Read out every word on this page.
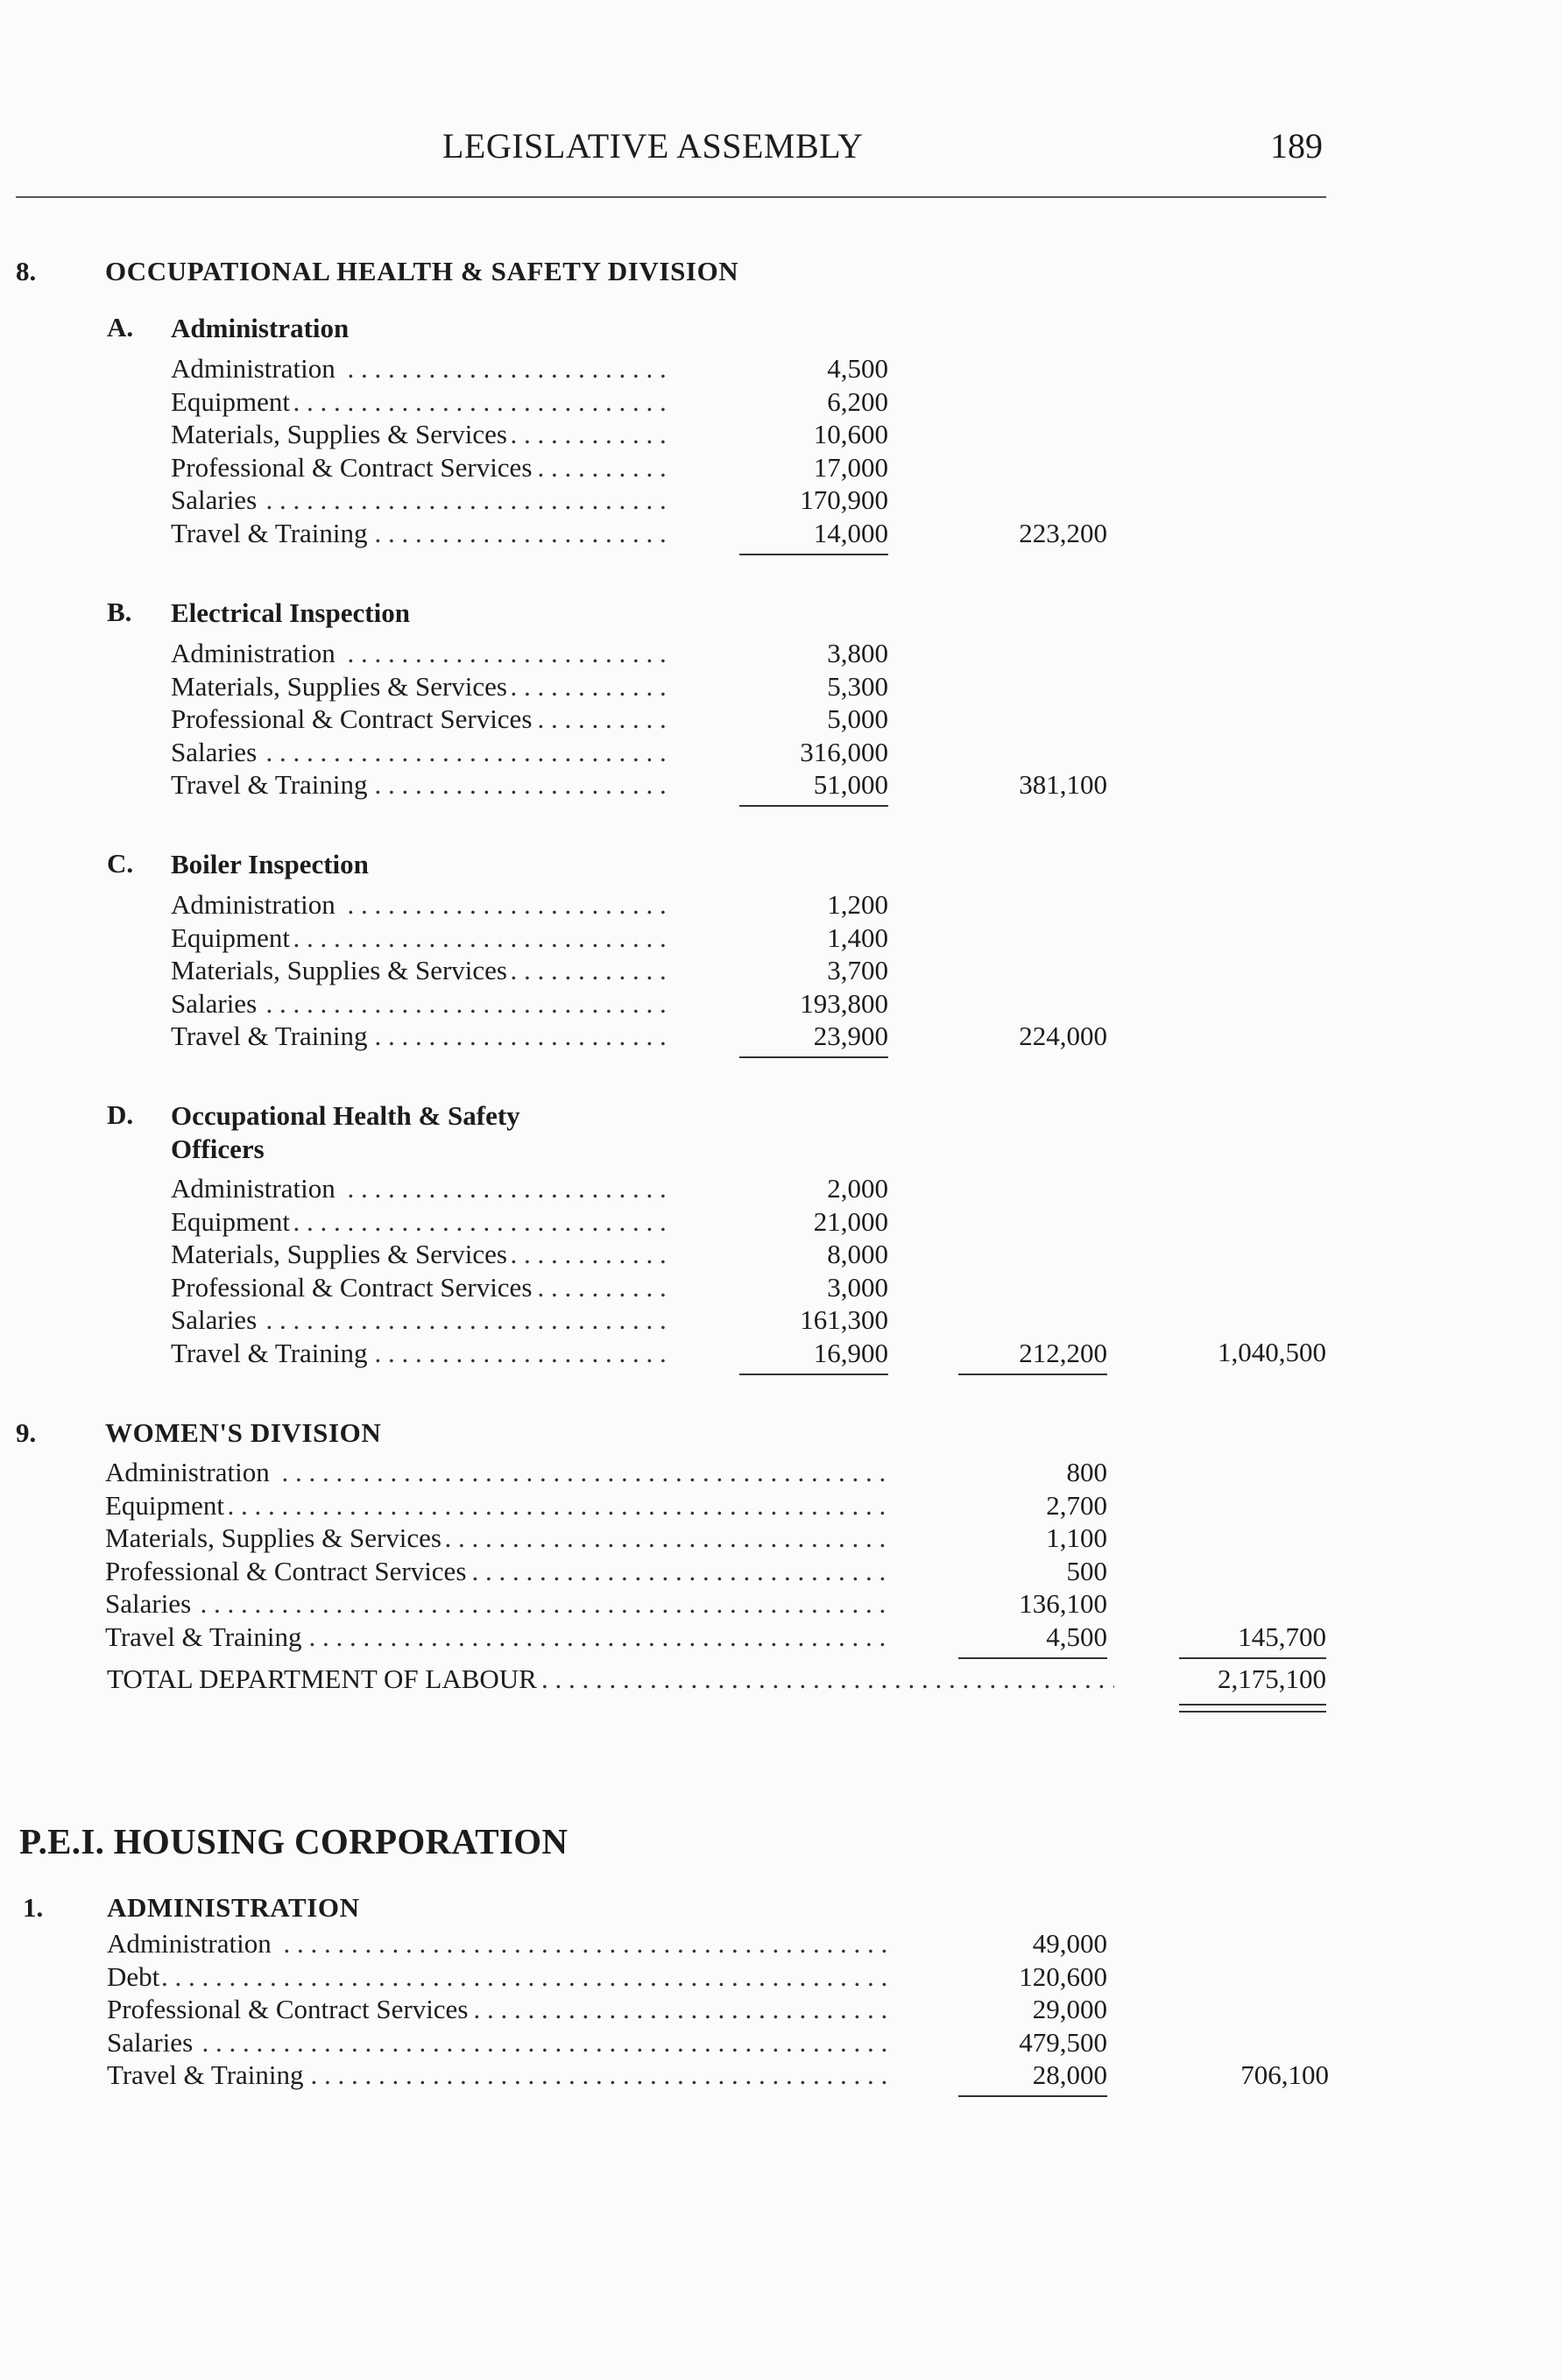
LEGISLATIVE ASSEMBLY	189
8.	OCCUPATIONAL HEALTH & SAFETY DIVISION
A. Administration
Administration . . .	4,500
Equipment . . .	6,200
Materials, Supplies & Services . . .	10,600
Professional & Contract Services . . .	17,000
Salaries . . .	170,900
Travel & Training . . .	14,000	223,200
B. Electrical Inspection
Administration . . .	3,800
Materials, Supplies & Services . . .	5,300
Professional & Contract Services . . .	5,000
Salaries . . .	316,000
Travel & Training . . .	51,000	381,100
C. Boiler Inspection
Administration . . .	1,200
Equipment . . .	1,400
Materials, Supplies & Services . . .	3,700
Salaries . . .	193,800
Travel & Training . . .	23,900	224,000
D. Occupational Health & Safety
Officers
Administration . . .	2,000
Equipment . . .	21,000
Materials, Supplies & Services . . .	8,000
Professional & Contract Services . . .	3,000
Salaries . . .	161,300
Travel & Training . . .	16,900	212,200	1,040,500
9.	WOMEN'S DIVISION
Administration . . .	800
Equipment . . .	2,700
Materials, Supplies & Services . . .	1,100
Professional & Contract Services . . .	500
Salaries . . .	136,100
Travel & Training . . .	4,500	145,700
TOTAL DEPARTMENT OF LABOUR . . .	2,175,100
P.E.I. HOUSING CORPORATION
1. ADMINISTRATION
Administration . . .	49,000
Debt . . .	120,600
Professional & Contract Services . . .	29,000
Salaries . . .	479,500
Travel & Training . . .	28,000	706,100
